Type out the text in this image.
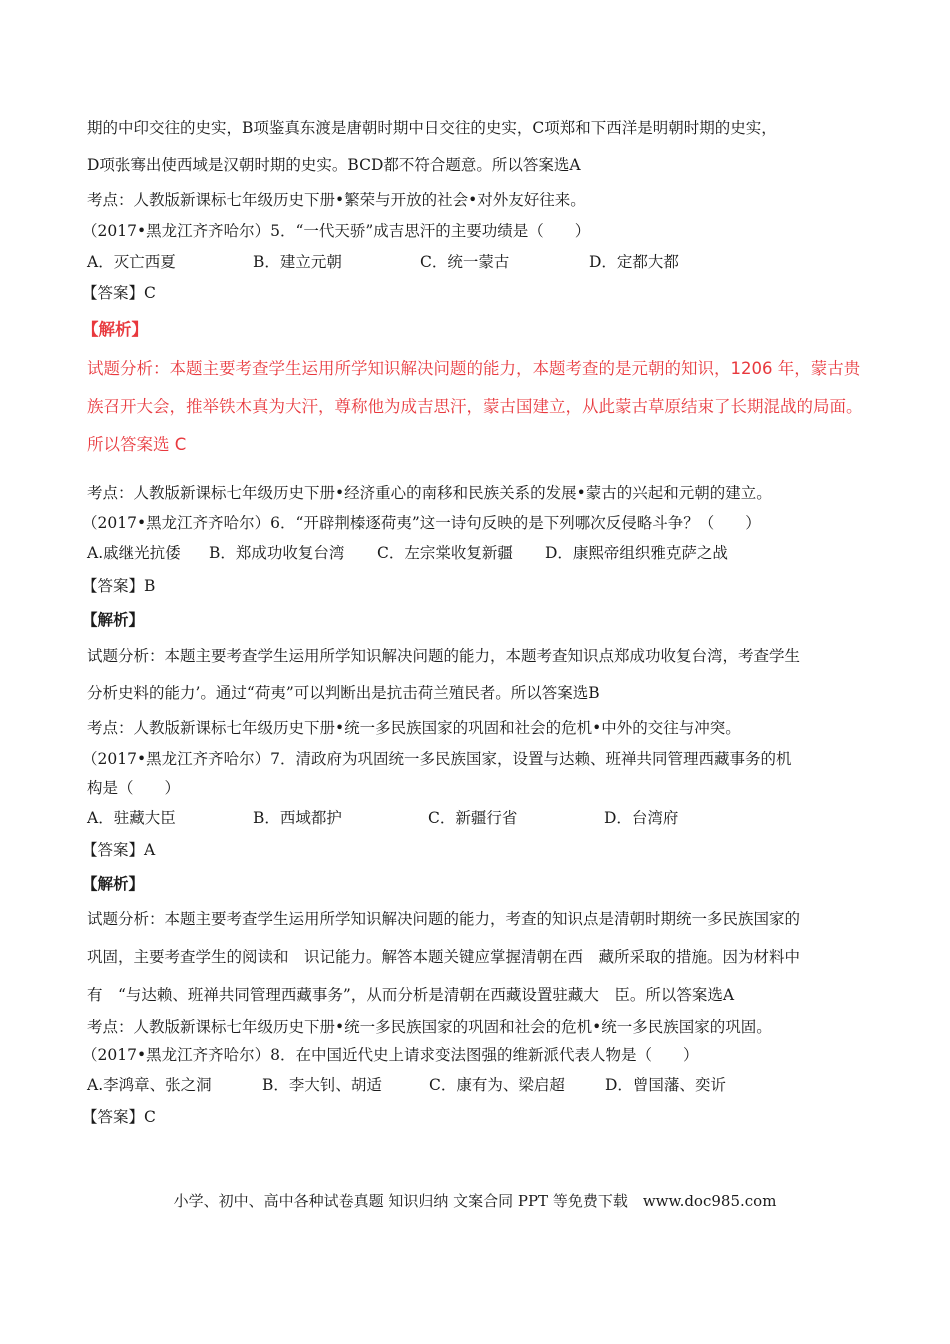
期的中印交往的史实，B项鉴真东渡是唐朝时期中日交往的史实，C项郑和下西洋是明朝时期的史实，
D项张骞出使西域是汉朝时期的史实。BCD都不符合题意。所以答案选A
考点：人教版新课标七年级历史下册•繁荣与开放的社会•对外友好往来。
（2017•黑龙江齐齐哈尔）5．“一代天骄”成吉思汗的主要功绩是（　　）
A．灭亡西夏	B．建立元朝	C．统一蒙古	D．定都大都
【答案】C
【解析】
试题分析：本题主要考查学生运用所学知识解决问题的能力，本题考查的是元朝的知识，1206 年，蒙古贵
族召开大会，推举铁木真为大汗，尊称他为成吉思汗，蒙古国建立，从此蒙古草原结束了长期混战的局面。
所以答案选 C
考点：人教版新课标七年级历史下册•经济重心的南移和民族关系的发展•蒙古的兴起和元朝的建立。
（2017•黑龙江齐齐哈尔）6．“开辟荆榛逐荷夷”这一诗句反映的是下列哪次反侵略斗争？（　　）
A.戚继光抗倭 B．郑成功收复台湾 C．左宗棠收复新疆 D．康熙帝组织雅克萨之战
【答案】B
【解析】
试题分析：本题主要考查学生运用所学知识解决问题的能力，本题考查知识点郑成功收复台湾，考查学生
分析史料的能力’。通过“荷夷”可以判断出是抗击荷兰殖民者。所以答案选B
考点：人教版新课标七年级历史下册•统一多民族国家的巩固和社会的危机•中外的交往与冲突。
（2017•黑龙江齐齐哈尔）7．清政府为巩固统一多民族国家，设置与达赖、班禅共同管理西藏事务的机
构是（　　）
A．驻藏大臣	B．西域都护	C．新疆行省	D．台湾府
【答案】A
【解析】
试题分析：本题主要考查学生运用所学知识解决问题的能力，考查的知识点是清朝时期统一多民族国家的
巩固，主要考查学生的阅读和　识记能力。解答本题关键应掌握清朝在西　藏所采取的措施。因为材料中
有　“与达赖、班禅共同管理西藏事务”，从而分析是清朝在西藏设置驻藏大　臣。所以答案选A
考点：人教版新课标七年级历史下册•统一多民族国家的巩固和社会的危机•统一多民族国家的巩固。
（2017•黑龙江齐齐哈尔）8．在中国近代史上请求变法图强的维新派代表人物是（　　）
A.李鸿章、张之洞	B．李大钊、胡适	C．康有为、梁启超	D．曾国藩、奕䜣
【答案】C
小学、初中、高中各种试卷真题 知识归纳 文案合同 PPT 等免费下载　www.doc985.com
